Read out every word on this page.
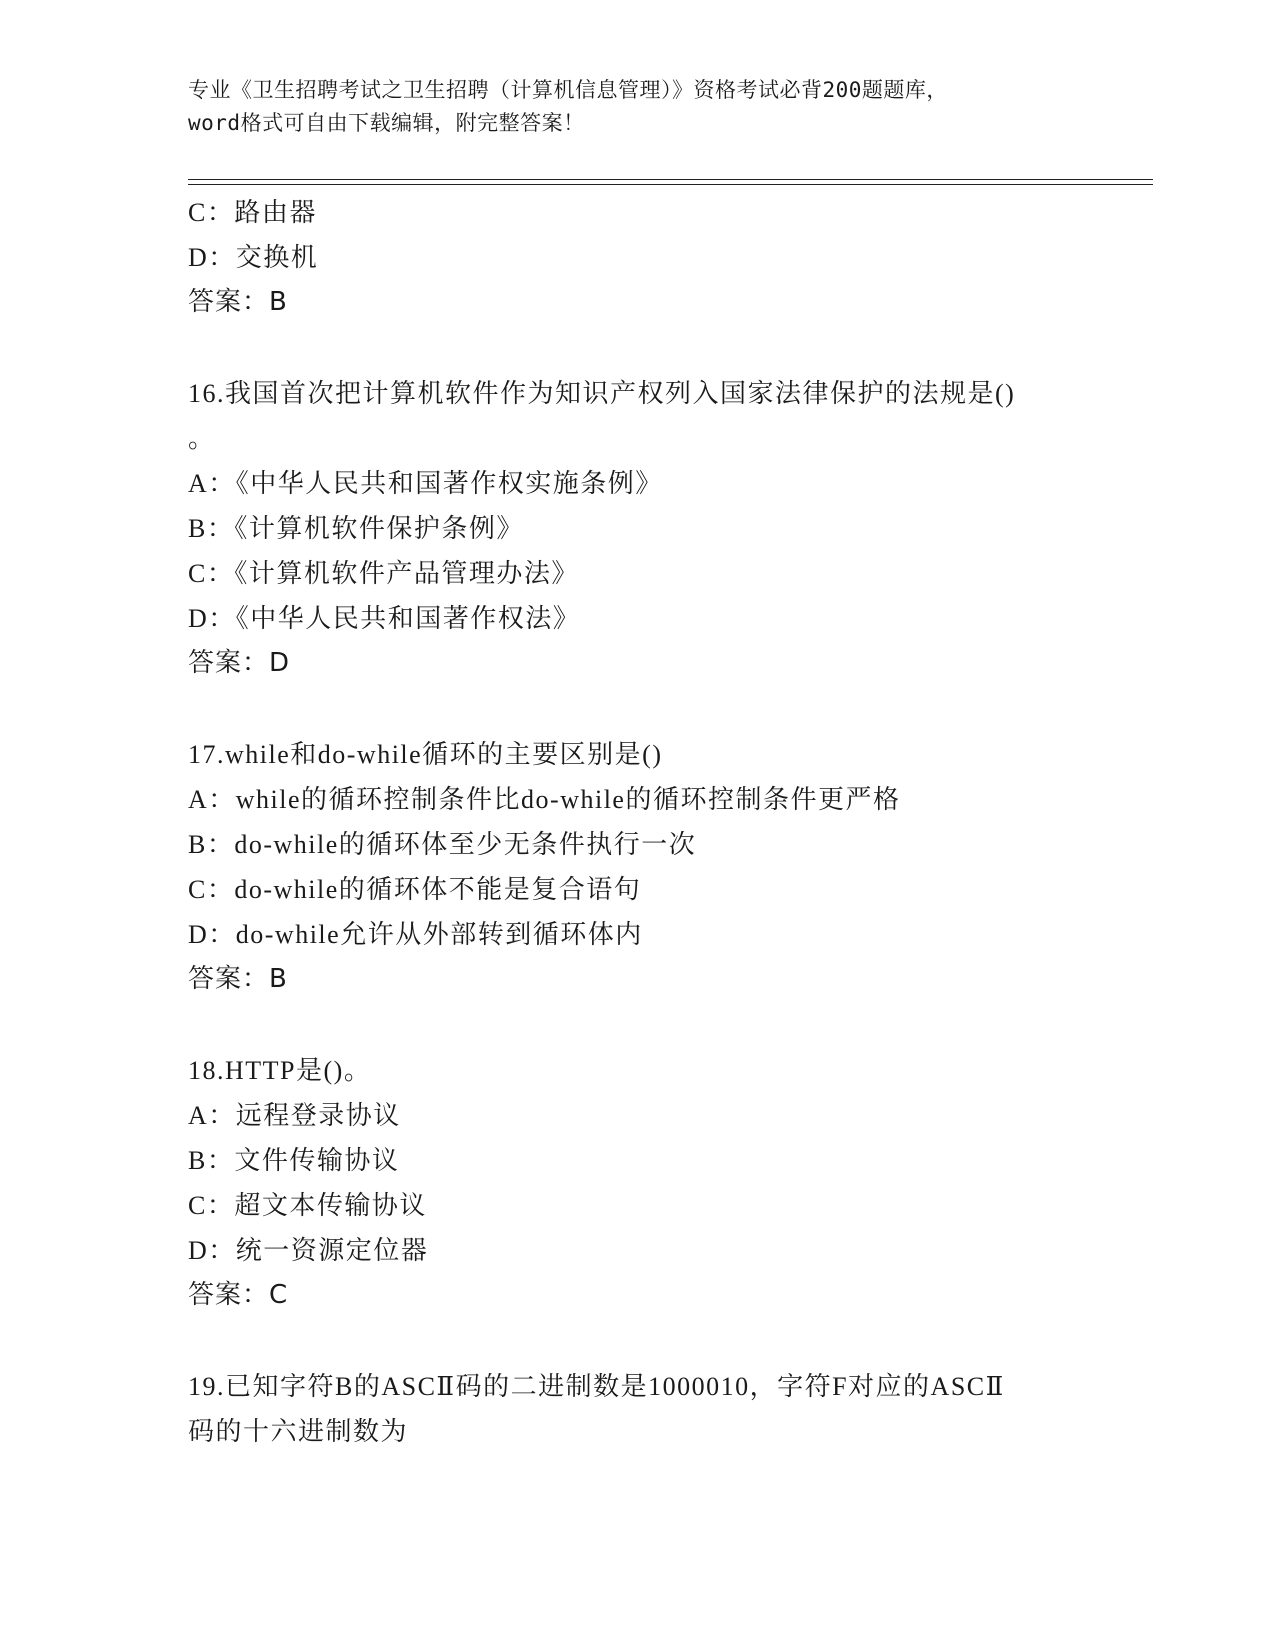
专业《卫生招聘考试之卫生招聘（计算机信息管理）》资格考试必背200题题库，
word格式可自由下载编辑，附完整答案！
C：路由器
D：交换机
答案：B
16.我国首次把计算机软件作为知识产权列入国家法律保护的法规是()
。
A：《中华人民共和国著作权实施条例》
B：《计算机软件保护条例》
C：《计算机软件产品管理办法》
D：《中华人民共和国著作权法》
答案：D
17.while和do-while循环的主要区别是()
A：while的循环控制条件比do-while的循环控制条件更严格
B：do-while的循环体至少无条件执行一次
C：do-while的循环体不能是复合语句
D：do-while允许从外部转到循环体内
答案：B
18.HTTP是()。
A：远程登录协议
B：文件传输协议
C：超文本传输协议
D：统一资源定位器
答案：C
19.已知字符B的ASCⅡ码的二进制数是1000010，字符F对应的ASCⅡ
码的十六进制数为
